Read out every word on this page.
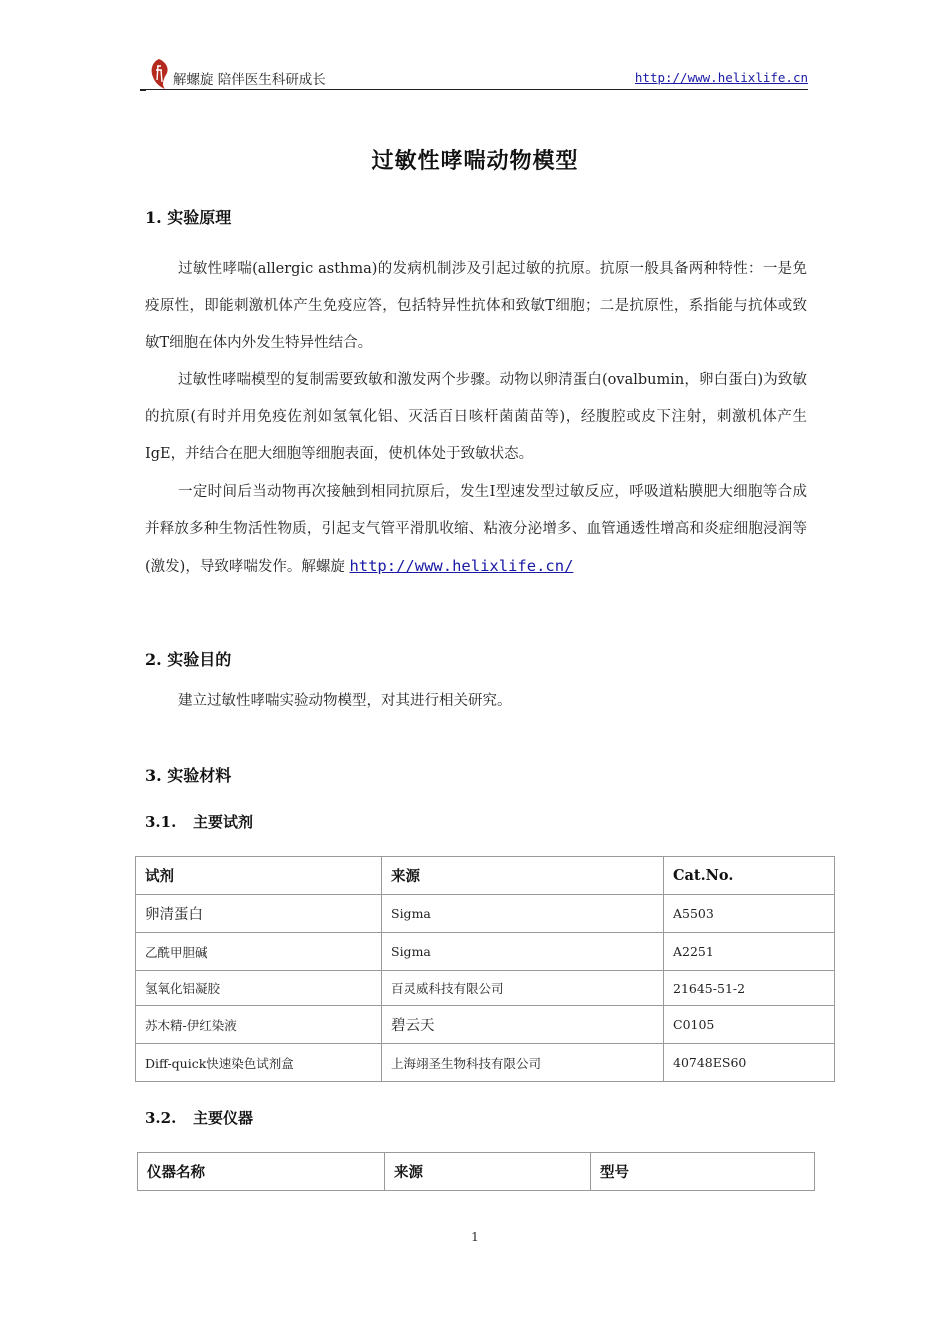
解螺旋 陪伴医生科研成长	http://www.helixlife.cn
过敏性哮喘动物模型
1. 实验原理

过敏性哮喘(allergic asthma)的发病机制涉及引起过敏的抗原。抗原一般具备两种特性：一是免疫原性，即能刺激机体产生免疫应答，包括特异性抗体和致敏T细胞；二是抗原性，系指能与抗体或致敏T细胞在体内外发生特异性结合。

过敏性哮喘模型的复制需要致敏和激发两个步骤。动物以卵清蛋白(ovalbumin，卵白蛋白)为致敏的抗原(有时并用免疫佐剂如氢氧化铝、灭活百日咳杆菌菌苗等)，经腹腔或皮下注射，刺激机体产生IgE，并结合在肥大细胞等细胞表面，使机体处于致敏状态。

一定时间后当动物再次接触到相同抗原后，发生Ⅰ型速发型过敏反应，呼吸道粘膜肥大细胞等合成并释放多种生物活性物质，引起支气管平滑肌收缩、粘液分泌增多、血管通透性增高和炎症细胞浸润等(激发)，导致哮喘发作。解螺旋 http://www.helixlife.cn/

2. 实验目的

建立过敏性哮喘实验动物模型，对其进行相关研究。

3. 实验材料
3.1. 主要试剂
试剂	来源	Cat.No.
卵清蛋白	Sigma	A5503
乙酰甲胆碱	Sigma	A2251
氢氧化铝凝胶	百灵威科技有限公司	21645-51-2
苏木精-伊红染液	碧云天	C0105
Diff-quick快速染色试剂盒	上海翊圣生物科技有限公司	40748ES60
3.2. 主要仪器
仪器名称	来源	型号
1
